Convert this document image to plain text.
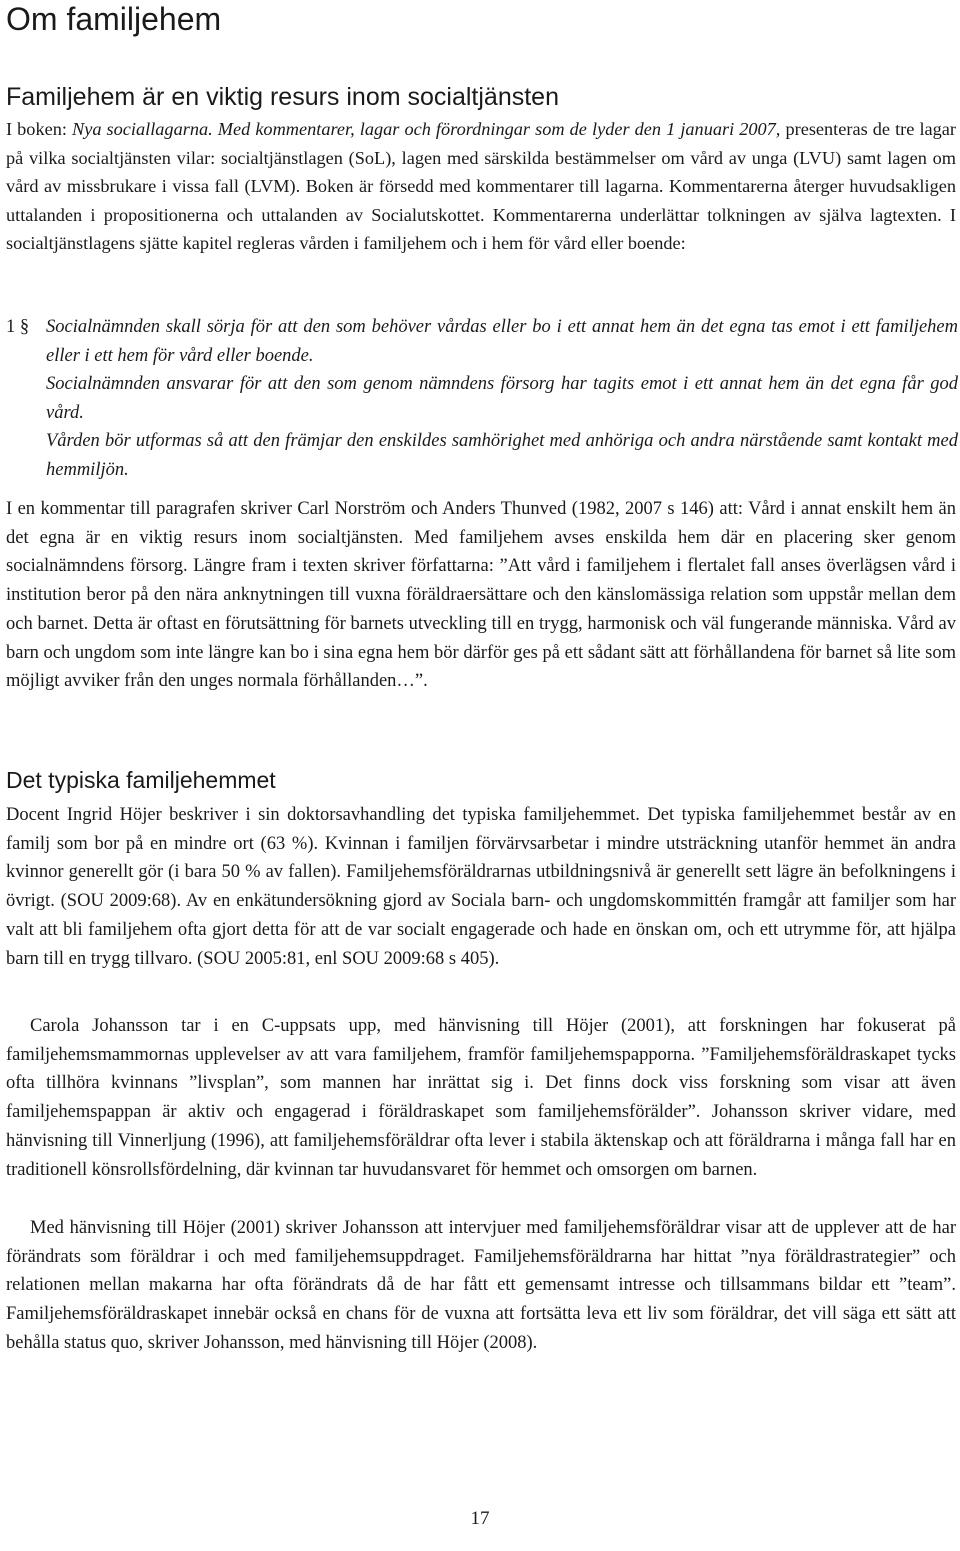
Om familjehem
Familjehem är en viktig resurs inom socialtjänsten

I boken: Nya sociallagarna. Med kommentarer, lagar och förordningar som de lyder den 1 januari 2007, presenteras de tre lagar på vilka socialtjänsten vilar: socialtjänstlagen (SoL), lagen med särskilda bestämmelser om vård av unga (LVU) samt lagen om vård av missbrukare i vissa fall (LVM). Boken är försedd med kommentarer till lagarna. Kommentarerna återger huvudsakligen uttalanden i propositionerna och uttalanden av Socialutskottet. Kommentarerna underlättar tolkningen av själva lagtexten. I socialtjänstlagens sjätte kapitel regleras vården i familjehem och i hem för vård eller boende:

1 § Socialnämnden skall sörja för att den som behöver vårdas eller bo i ett annat hem än det egna tas emot i ett familjehem eller i ett hem för vård eller boende.

Socialnämnden ansvarar för att den som genom nämndens försorg har tagits emot i ett annat hem än det egna får god vård.

Vården bör utformas så att den främjar den enskildes samhörighet med anhöriga och andra närstående samt kontakt med hemmiljön.

I en kommentar till paragrafen skriver Carl Norström och Anders Thunved (1982, 2007 s 146) att: Vård i annat enskilt hem än det egna är en viktig resurs inom socialtjänsten. Med familjehem avses enskilda hem där en placering sker genom socialnämndens försorg. Längre fram i texten skriver författarna: ”Att vård i familjehem i flertalet fall anses överlägsen vård i institution beror på den nära anknytningen till vuxna föräldraersättare och den känslomässiga relation som uppstår mellan dem och barnet. Detta är oftast en förutsättning för barnets utveckling till en trygg, harmonisk och väl fungerande människa. Vård av barn och ungdom som inte längre kan bo i sina egna hem bör därför ges på ett sådant sätt att förhållandena för barnet så lite som möjligt avviker från den unges normala förhållanden…”.

Det typiska familjehemmet

Docent Ingrid Höjer beskriver i sin doktorsavhandling det typiska familjehemmet. Det typiska familjehemmet består av en familj som bor på en mindre ort (63 %). Kvinnan i familjen förvärvsarbetar i mindre utsträckning utanför hemmet än andra kvinnor generellt gör (i bara 50 % av fallen). Familjehemsföräldrarnas utbildningsnivå är generellt sett lägre än befolkningens i övrigt. (SOU 2009:68). Av en enkätundersökning gjord av Sociala barn- och ungdomskommittén framgår att familjer som har valt att bli familjehem ofta gjort detta för att de var socialt engagerade och hade en önskan om, och ett utrymme för, att hjälpa barn till en trygg tillvaro. (SOU 2005:81, enl SOU 2009:68 s 405).

Carola Johansson tar i en C-uppsats upp, med hänvisning till Höjer (2001), att forskningen har fokuserat på familjehemsmammornas upplevelser av att vara familjehem, framför familjehemspapporna. ”Familjehemsföräldraskapet tycks ofta tillhöra kvinnans ”livsplan”, som mannen har inrättat sig i. Det finns dock viss forskning som visar att även familjehemspappan är aktiv och engagerad i föräldraskapet som familjehemsförälder”. Johansson skriver vidare, med hänvisning till Vinnerljung (1996), att familjehemsföräldrar ofta lever i stabila äktenskap och att föräldrarna i många fall har en traditionell könsrollsfördelning, där kvinnan tar huvudansvaret för hemmet och omsorgen om barnen.

Med hänvisning till Höjer (2001) skriver Johansson att intervjuer med familjehemsföräldrar visar att de upplever att de har förändrats som föräldrar i och med familjehemsuppdraget. Familjehemsföräldrarna har hittat ”nya föräldrastrategier” och relationen mellan makarna har ofta förändrats då de har fått ett gemensamt intresse och tillsammans bildar ett ”team”. Familjehemsföräldraskapet innebär också en chans för de vuxna att fortsätta leva ett liv som föräldrar, det vill säga ett sätt att behålla status quo, skriver Johansson, med hänvisning till Höjer (2008).

17
